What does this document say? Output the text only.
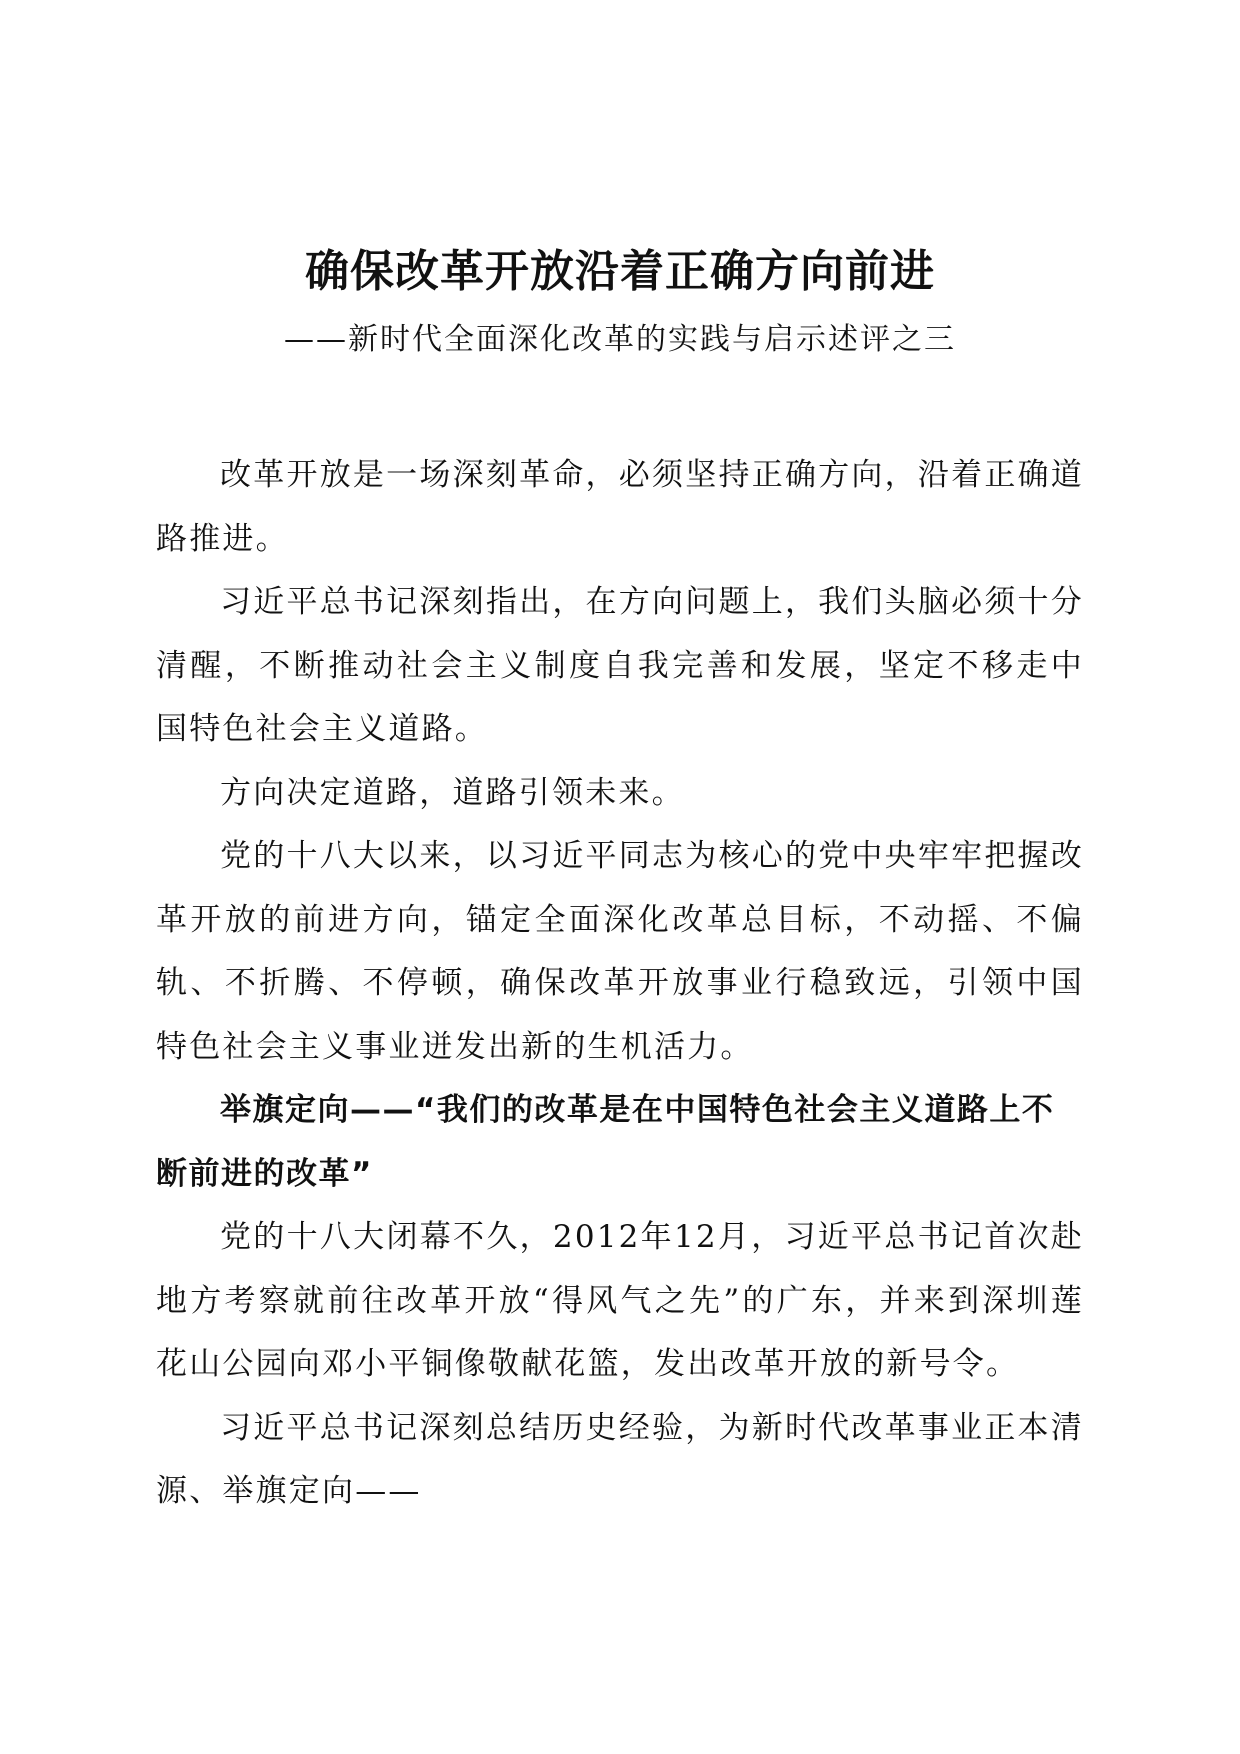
确保改革开放沿着正确方向前进
——新时代全面深化改革的实践与启示述评之三

改革开放是一场深刻革命，必须坚持正确方向，沿着正确道路推进。

习近平总书记深刻指出，在方向问题上，我们头脑必须十分清醒，不断推动社会主义制度自我完善和发展，坚定不移走中国特色社会主义道路。

方向决定道路，道路引领未来。

党的十八大以来，以习近平同志为核心的党中央牢牢把握改革开放的前进方向，锚定全面深化改革总目标，不动摇、不偏轨、不折腾、不停顿，确保改革开放事业行稳致远，引领中国特色社会主义事业迸发出新的生机活力。

举旗定向——“我们的改革是在中国特色社会主义道路上不断前进的改革”

党的十八大闭幕不久，2012年12月，习近平总书记首次赴地方考察就前往改革开放“得风气之先”的广东，并来到深圳莲花山公园向邓小平铜像敬献花篮，发出改革开放的新号令。

习近平总书记深刻总结历史经验，为新时代改革事业正本清源、举旗定向——
